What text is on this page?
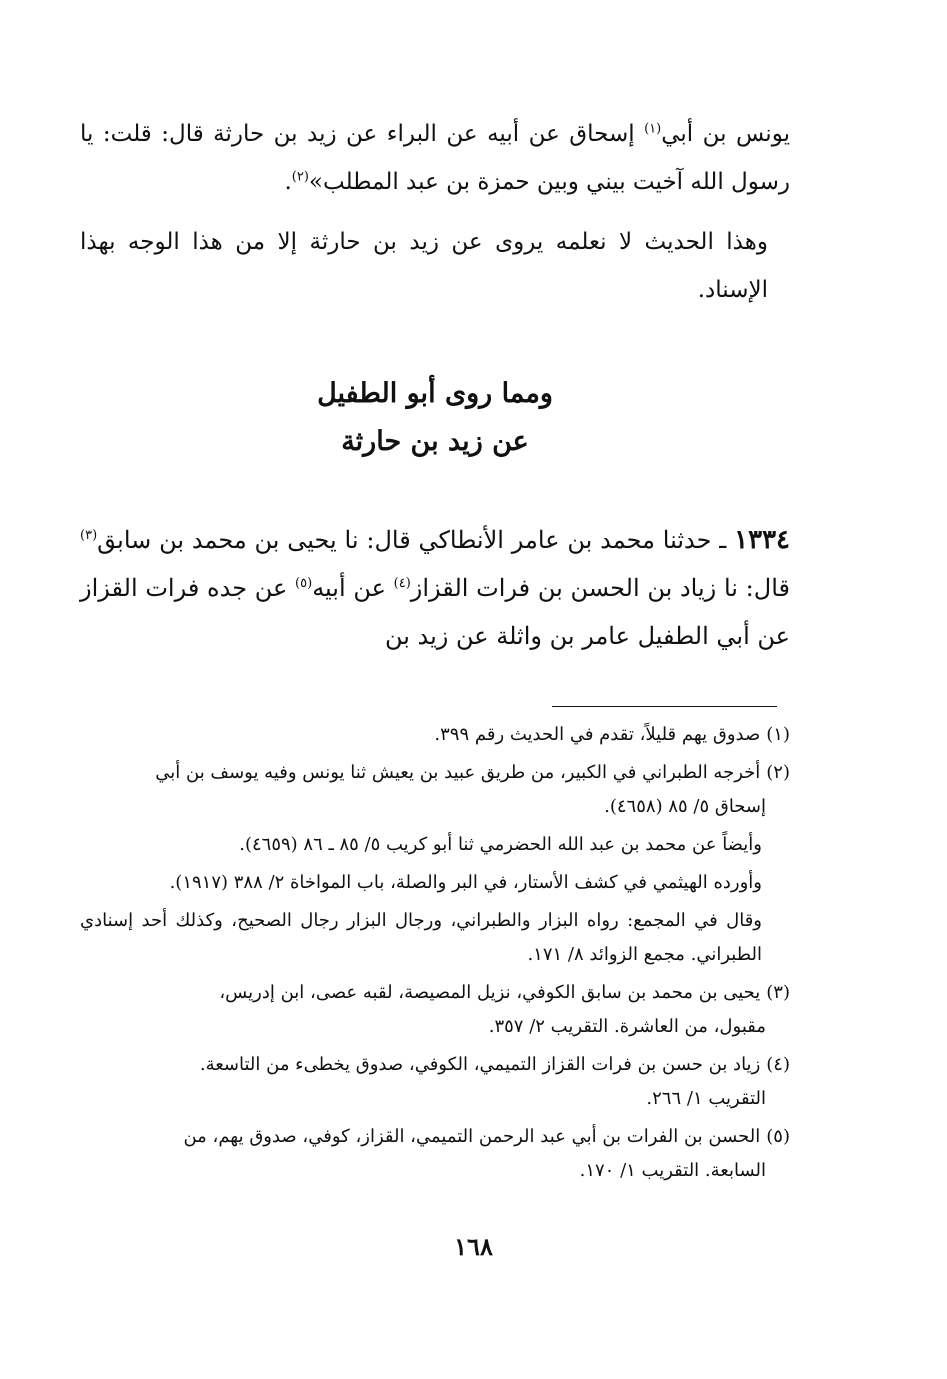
يونس بن أبي$^{(١)}$ إسحاق عن أبيه عن البراء عن زيد بن حارثة قال: قلت: يا رسول الله آخيت بيني وبين حمزة بن عبد المطلب»$^{(٢)}$.

وهذا الحديث لا نعلمه يروى عن زيد بن حارثة إلا من هذا الوجه بهذا الإسناد.

ومما روى أبو الطفيل
عن زيد بن حارثة

١٣٣٤ ـ حدثنا محمد بن عامر الأنطاكي قال: نا يحيى بن محمد بن سابق$^{(٣)}$ قال: نا زياد بن الحسن بن فرات القزاز$^{(٤)}$ عن أبيه$^{(٥)}$ عن جده فرات القزاز عن أبي الطفيل عامر بن واثلة عن زيد بن

(١)صدوق يهم قليلاً، تقدم في الحديث رقم ٣٩٩.

(٢)أخرجه الطبراني في الكبير، من طريق عبيد بن يعيش ثنا يونس وفيه يوسف بن أبي
إسحاق ٥/ ٨٥ (٤٦٥٨).

وأيضاً عن محمد بن عبد الله الحضرمي ثنا أبو كريب ٥/ ٨٥ ـ ٨٦ (٤٦٥٩).

وأورده الهيثمي في كشف الأستار، في البر والصلة، باب المواخاة ٢/ ٣٨٨ (١٩١٧).

وقال في المجمع: رواه البزار والطبراني، ورجال البزار رجال الصحيح، وكذلك أحد إسنادي الطبراني. مجمع الزوائد ٨/ ١٧١.

(٣)يحيى بن محمد بن سابق الكوفي، نزيل المصيصة، لقبه عصى، ابن إدريس،
مقبول، من العاشرة. التقريب ٢/ ٣٥٧.

(٤)زياد بن حسن بن فرات القزاز التميمي، الكوفي، صدوق يخطىء من التاسعة.
التقريب ١/ ٢٦٦.

(٥)الحسن بن الفرات بن أبي عبد الرحمن التميمي، القزاز، كوفي، صدوق يهم، من
السابعة. التقريب ١/ ١٧٠.

١٦٨
